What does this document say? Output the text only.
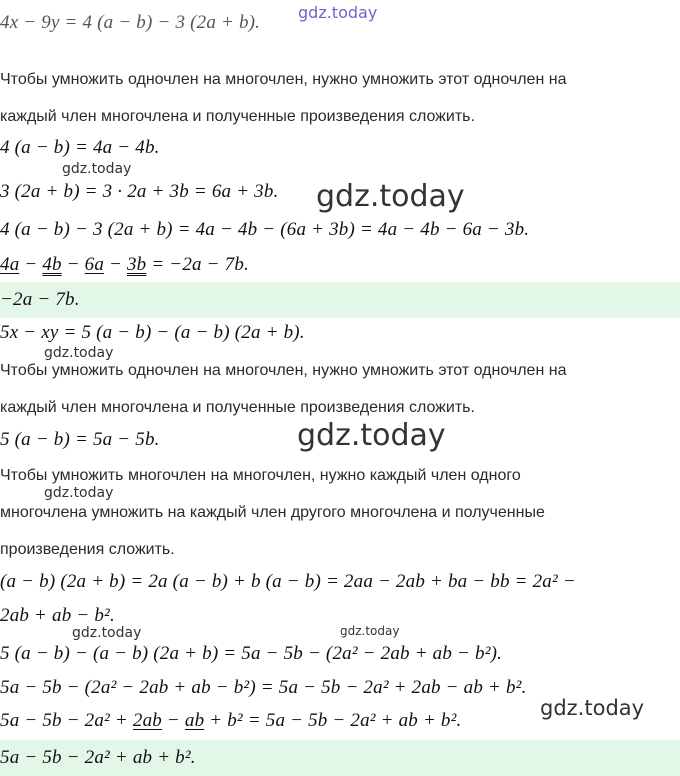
gdz.today
4x − 9y = 4 (a − b) − 3 (2a + b).
Чтобы умножить одночлен на многочлен, нужно умножить этот одночлен на
каждый член многочлена и полученные произведения сложить.
4 (a − b) = 4a − 4b.
gdz.today
3 (2a + b) = 3 · 2a + 3b = 6a + 3b. gdz.today
4 (a − b) − 3 (2a + b) = 4a − 4b − (6a + 3b) = 4a − 4b − 6a − 3b.
4a − 4b − 6a − 3b = −2a − 7b.
−2a − 7b.
5x − xy = 5 (a − b) − (a − b) (2a + b).
gdz.today
Чтобы умножить одночлен на многочлен, нужно умножить этот одночлен на
каждый член многочлена и полученные произведения сложить.
5 (a − b) = 5a − 5b.	gdz.today
Чтобы умножить многочлен на многочлен, нужно каждый член одного
gdz.today
многочлена умножить на каждый член другого многочлена и полученные
произведения сложить.
(a − b) (2a + b) = 2a (a − b) + b (a − b) = 2aa − 2ab + ba − bb = 2a² −
2ab + ab − b².
gdz.today	gdz.today
5 (a − b) − (a − b) (2a + b) = 5a − 5b − (2a² − 2ab + ab − b²).
5a − 5b − (2a² − 2ab + ab − b²) = 5a − 5b − 2a² + 2ab − ab + b².
5a − 5b − 2a² + 2ab − ab + b² = 5a − 5b − 2a² + ab + b².
gdz.today
5a − 5b − 2a² + ab + b².
